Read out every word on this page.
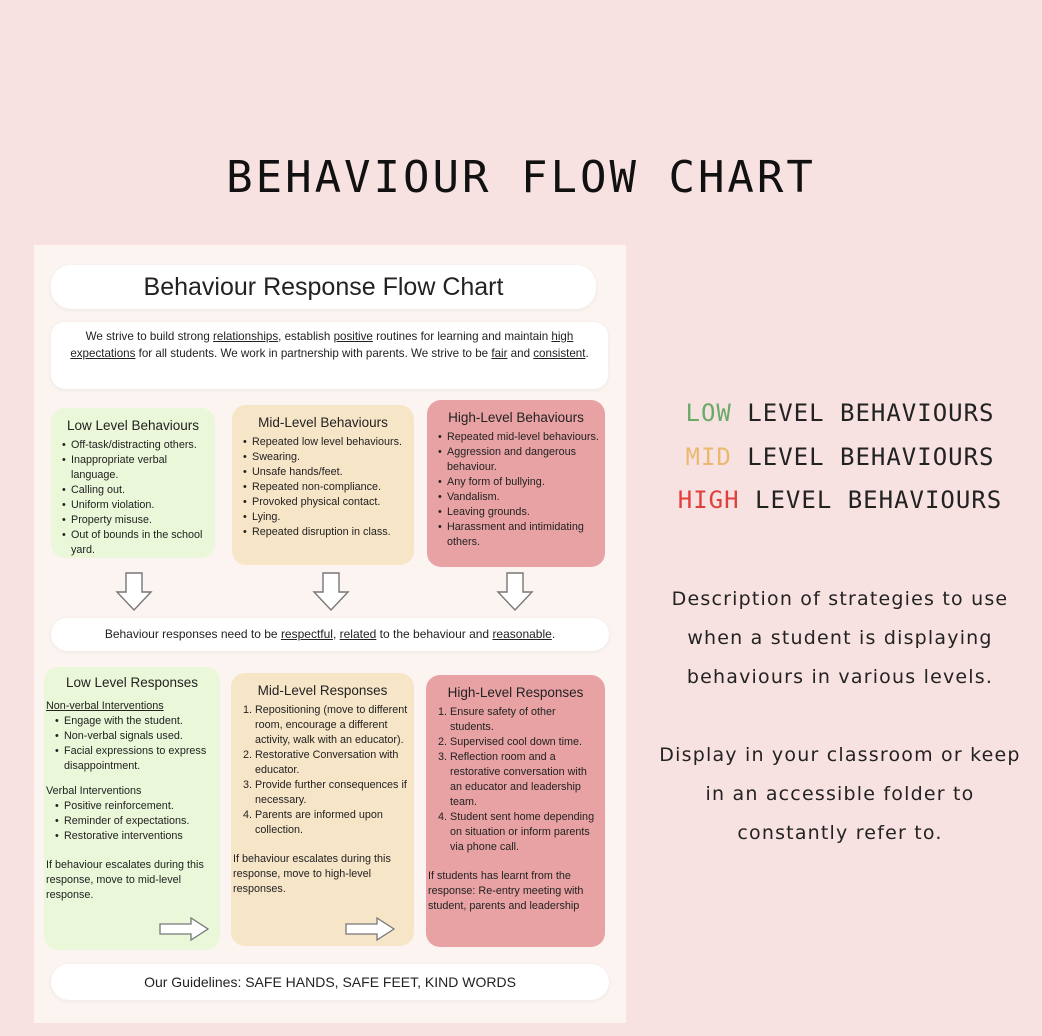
BEHAVIOUR FLOW CHART
LOW LEVEL BEHAVIOURS
MID LEVEL BEHAVIOURS
HIGH LEVEL BEHAVIOURS
Description of strategies to use when a student is displaying behaviours in various levels.
Display in your classroom or keep in an accessible folder to constantly refer to.
Behaviour Response Flow Chart
We strive to build strong relationships, establish positive routines for learning and maintain high expectations for all students. We work in partnership with parents. We strive to be fair and consistent.
Low Level Behaviours
• Off-task/distracting others.
• Inappropriate verbal language.
• Calling out.
• Uniform violation.
• Property misuse.
• Out of bounds in the school yard.
Mid-Level Behaviours
• Repeated low level behaviours.
• Swearing.
• Unsafe hands/feet.
• Repeated non-compliance.
• Provoked physical contact.
• Lying.
• Repeated disruption in class.
High-Level Behaviours
• Repeated mid-level behaviours.
• Aggression and dangerous behaviour.
• Any form of bullying.
• Vandalism.
• Leaving grounds.
• Harassment and intimidating others.
Behaviour responses need to be respectful, related to the behaviour and reasonable.
Low Level Responses
Non-verbal Interventions
• Engage with the student.
• Non-verbal signals used.
• Facial expressions to express disappointment.
Verbal Interventions
• Positive reinforcement.
• Reminder of expectations.
• Restorative interventions
If behaviour escalates during this response, move to mid-level response.
Mid-Level Responses
1. Repositioning (move to different room, encourage a different activity, walk with an educator).
2. Restorative Conversation with educator.
3. Provide further consequences if necessary.
4. Parents are informed upon collection.
If behaviour escalates during this response, move to high-level responses.
High-Level Responses
1. Ensure safety of other students.
2. Supervised cool down time.
3. Reflection room and a restorative conversation with an educator and leadership team.
4. Student sent home depending on situation or inform parents via phone call.
If students has learnt from the response: Re-entry meeting with student, parents and leadership
Our Guidelines: SAFE HANDS, SAFE FEET, KIND WORDS
